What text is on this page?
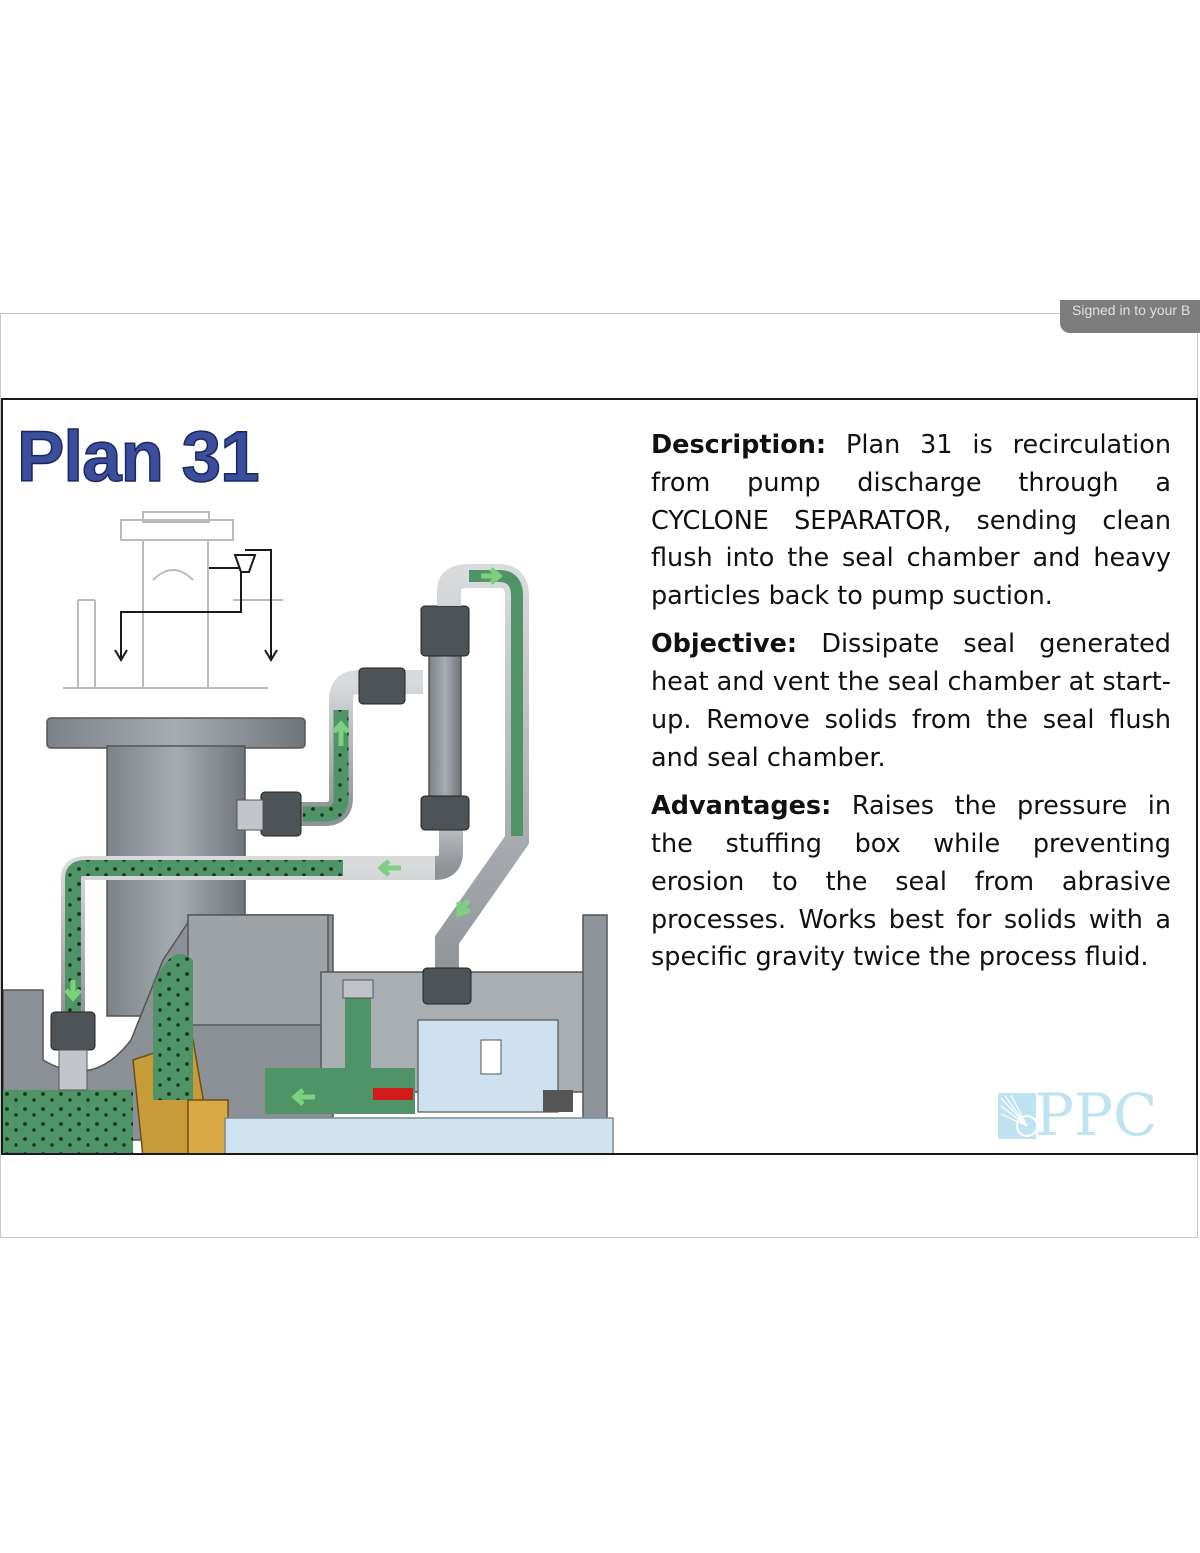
Signed in to your B
Plan 31	Description: Plan 31 is recirculation from pump discharge through a CYCLONE SEPARATOR, sending clean flush into the seal chamber and heavy particles back to pump suction.

Objective: Dissipate seal generated heat and vent the seal chamber at start-up. Remove solids from the seal flush and seal chamber.

Advantages: Raises the pressure in the stuffing box while preventing erosion to the seal from abrasive processes. Works best for solids with a specific gravity twice the process fluid.

PPC
